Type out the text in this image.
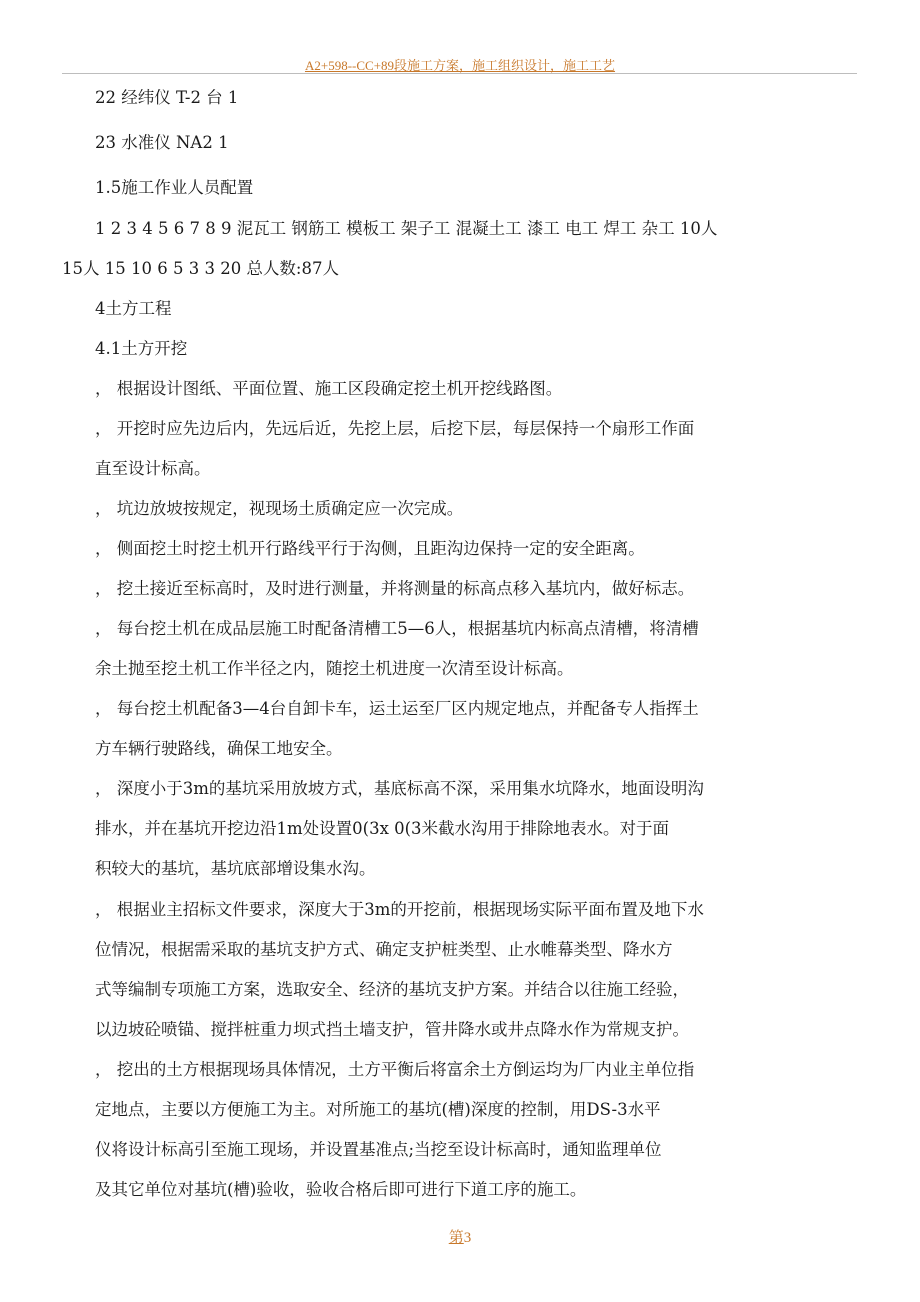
A2+598--CC+89段施工方案，施工组织设计，施工工艺
22 经纬仪 T-2 台 1
23 水准仪 NA2 1
1.5施工作业人员配置
1 2 3 4 5 6 7 8 9 泥瓦工 钢筋工 模板工 架子工 混凝土工 漆工 电工 焊工 杂工 10人
15人 15 10 6 5 3 3 20 总人数:87人
4土方工程
4.1土方开挖
， 根据设计图纸、平面位置、施工区段确定挖土机开挖线路图。
， 开挖时应先边后内，先远后近，先挖上层，后挖下层，每层保持一个扇形工作面
直至设计标高。
， 坑边放坡按规定，视现场土质确定应一次完成。
， 侧面挖土时挖土机开行路线平行于沟侧，且距沟边保持一定的安全距离。
， 挖土接近至标高时，及时进行测量，并将测量的标高点移入基坑内，做好标志。
， 每台挖土机在成品层施工时配备清槽工5—6人，根据基坑内标高点清槽，将清槽
余土抛至挖土机工作半径之内，随挖土机进度一次清至设计标高。
， 每台挖土机配备3—4台自卸卡车，运土运至厂区内规定地点，并配备专人指挥土
方车辆行驶路线，确保工地安全。
， 深度小于3m的基坑采用放坡方式，基底标高不深，采用集水坑降水，地面设明沟
排水，并在基坑开挖边沿1m处设置0(3x 0(3米截水沟用于排除地表水。对于面
积较大的基坑，基坑底部增设集水沟。
， 根据业主招标文件要求，深度大于3m的开挖前，根据现场实际平面布置及地下水
位情况，根据需采取的基坑支护方式、确定支护桩类型、止水帷幕类型、降水方
式等编制专项施工方案，选取安全、经济的基坑支护方案。并结合以往施工经验，
以边坡砼喷锚、搅拌桩重力坝式挡土墙支护，管井降水或井点降水作为常规支护。
， 挖出的土方根据现场具体情况，土方平衡后将富余土方倒运均为厂内业主单位指
定地点，主要以方便施工为主。对所施工的基坑(槽)深度的控制，用DS-3水平
仪将设计标高引至施工现场，并设置基准点;当挖至设计标高时，通知监理单位
及其它单位对基坑(槽)验收，验收合格后即可进行下道工序的施工。
第3
